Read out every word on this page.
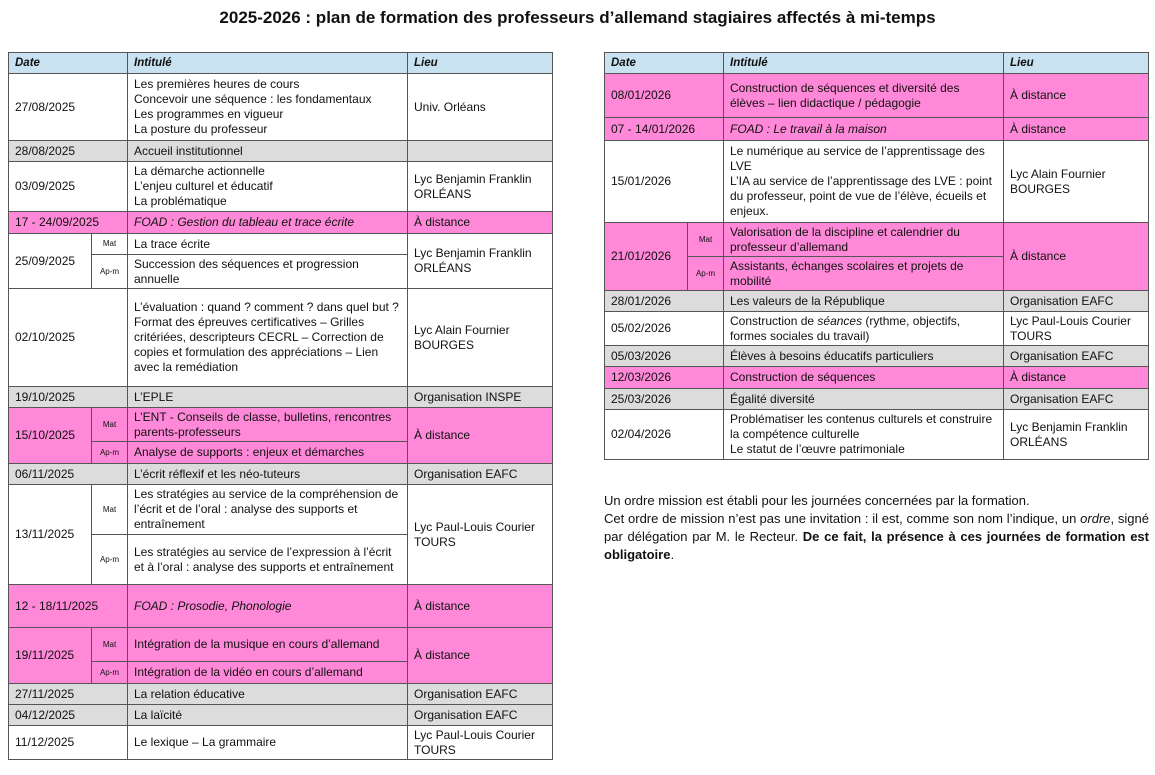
2025-2026 : plan de formation des professeurs d’allemand stagiaires affectés à mi-temps
Date		Intitulé	Lieu
27/08/2025		Les premières heures de cours
Concevoir une séquence : les fondamentaux
Les programmes en vigueur
La posture du professeur	Univ. Orléans
28/08/2025		Accueil institutionnel	
03/09/2025		La démarche actionnelle
L’enjeu culturel et éducatif
La problématique	Lyc Benjamin Franklin ORLÉANS
17 - 24/09/2025		FOAD : Gestion du tableau et trace écrite	À distance
25/09/2025	Mat	La trace écrite	Lyc Benjamin Franklin ORLÉANS
	Ap-m	Succession des séquences et progression annuelle	
02/10/2025		L’évaluation : quand ? comment ? dans quel but ?
Format des épreuves certificatives – Grilles critériées, descripteurs CECRL – Correction de copies et formulation des appréciations – Lien avec la remédiation	Lyc Alain Fournier BOURGES
19/10/2025		L’EPLE	Organisation INSPE
15/10/2025	Mat	L’ENT - Conseils de classe, bulletins, rencontres parents-professeurs	À distance
	Ap-m	Analyse de supports : enjeux et démarches	
06/11/2025		L’écrit réflexif et les néo-tuteurs	Organisation EAFC
13/11/2025	Mat	Les stratégies au service de la compréhension de l’écrit et de l’oral : analyse des supports et entraînement	Lyc Paul-Louis Courier TOURS
	Ap-m	Les stratégies au service de l’expression à l’écrit et à l’oral : analyse des supports et entraînement	
12 - 18/11/2025		FOAD : Prosodie, Phonologie	À distance
19/11/2025	Mat	Intégration de la musique en cours d’allemand	À distance
	Ap-m	Intégration de la vidéo en cours d’allemand	
27/11/2025		La relation éducative	Organisation EAFC
04/12/2025		La laïcité	Organisation EAFC
11/12/2025		Le lexique – La grammaire	Lyc Paul-Louis Courier TOURS
Date		Intitulé	Lieu
08/01/2026		Construction de séquences et diversité des élèves – lien didactique / pédagogie	À distance
07 - 14/01/2026		FOAD : Le travail à la maison	À distance
15/01/2026		Le numérique au service de l’apprentissage des LVE
L’IA au service de l’apprentissage des LVE : point du professeur, point de vue de l’élève, écueils et enjeux.	Lyc Alain Fournier BOURGES
21/01/2026	Mat	Valorisation de la discipline et calendrier du professeur d’allemand	À distance
	Ap-m	Assistants, échanges scolaires et projets de mobilité	
28/01/2026		Les valeurs de la République	Organisation EAFC
05/02/2026		Construction de séances (rythme, objectifs, formes sociales du travail)	Lyc Paul-Louis Courier TOURS
05/03/2026		Élèves à besoins éducatifs particuliers	Organisation EAFC
12/03/2026		Construction de séquences	À distance
25/03/2026		Égalité diversité	Organisation EAFC
02/04/2026		Problématiser les contenus culturels et construire la compétence culturelle
Le statut de l’œuvre patrimoniale	Lyc Benjamin Franklin ORLÉANS

Un ordre mission est établi pour les journées concernées par la formation.

Cet ordre de mission n’est pas une invitation : il est, comme son nom l’indique, un ordre, signé par délégation par M. le Recteur. De ce fait, la présence à ces journées de formation est obligatoire.
